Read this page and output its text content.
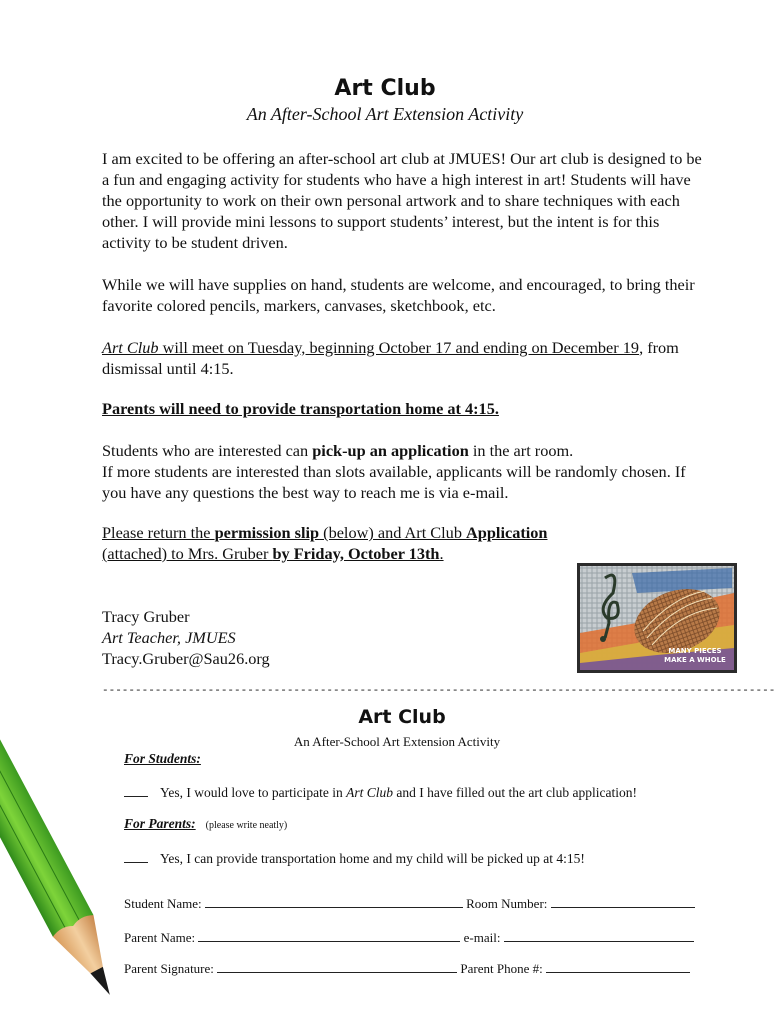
Art Club
An After-School Art Extension Activity

I am excited to be offering an after-school art club at JMUES! Our art club is designed to be a fun and engaging activity for students who have a high interest in art! Students will have the opportunity to work on their own personal artwork and to share techniques with each other. I will provide mini lessons to support students’ interest, but the intent is for this activity to be student driven.

While we will have supplies on hand, students are welcome, and encouraged, to bring their favorite colored pencils, markers, canvases, sketchbook, etc.

Art Club will meet on Tuesday, beginning October 17 and ending on December 19, from dismissal until 4:15.

Parents will need to provide transportation home at 4:15.

Students who are interested can pick-up an application in the art room.
If more students are interested than slots available, applicants will be randomly chosen. If you have any questions the best way to reach me is via e-mail.

Please return the permission slip (below) and Art Club Application
(attached) to Mrs. Gruber by Friday, October 13th.

Tracy Gruber
Art Teacher, JMUES
Tracy.Gruber@Sau26.org	MANY PIECES
MAKE A WHOLE
------------------------------------------------------------------------------------------------------
Art Club
An After-School Art Extension Activity
For Students:
Yes, I would love to participate in Art Club and I have filled out the art club application!
For Parents: (please write neatly)
Yes, I can provide transportation home and my child will be picked up at 4:15!
Student Name:	Room Number:
Parent Name:	e-mail:
Parent Signature:	Parent Phone #:
